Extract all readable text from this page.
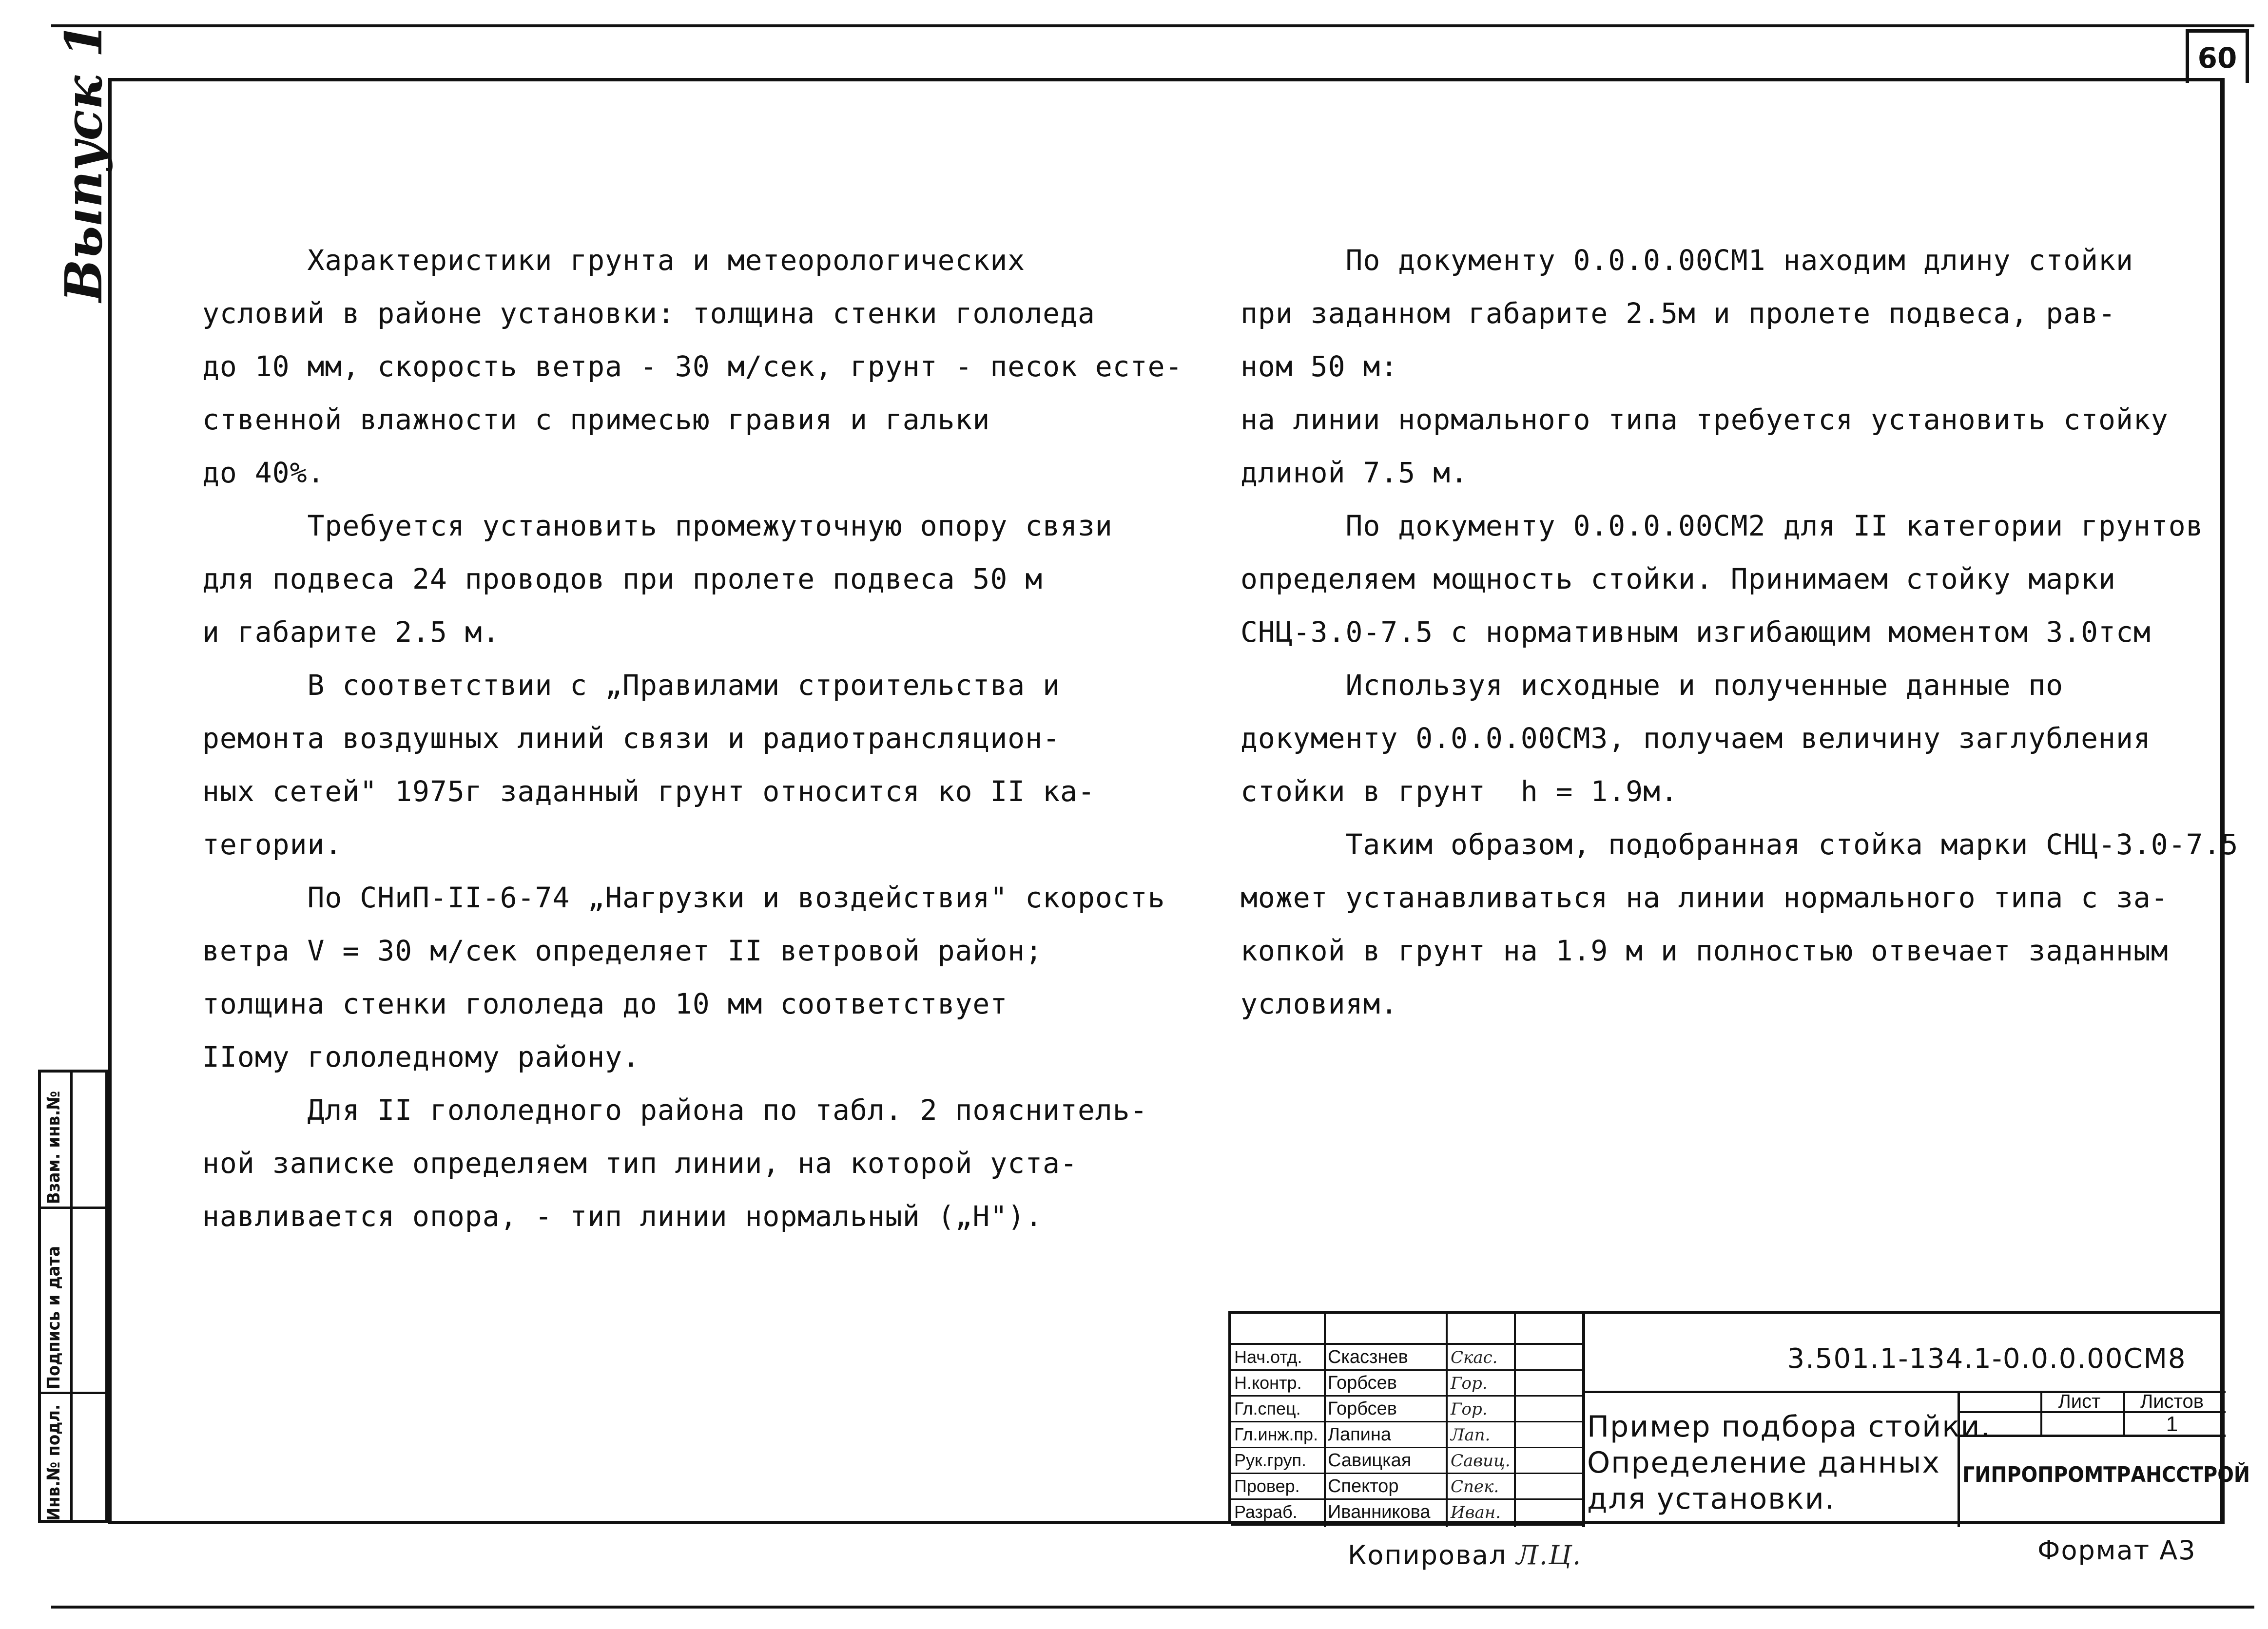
60
Выпуск 1	Характеристики грунта и метеорологических
условий в районе установки: толщина стенки гололеда
до 10 мм, скорость ветра - 30 м/сек, грунт - песок есте-
ственной влажности с примесью гравия и гальки
до 40%.
Требуется установить промежуточную опору связи
для подвеса 24 проводов при пролете подвеса 50 м
и габарите 2.5 м.
В соответствии с „Правилами строительства и
ремонта воздушных линий связи и радиотрансляцион-
ных сетей" 1975г заданный грунт относится ко II ка-
тегории.
По СНиП-II-6-74 „Нагрузки и воздействия" скорость
ветра V = 30 м/сек определяет II ветровой район;
толщина стенки гололеда до 10 мм соответствует
IIому гололедному району.
Для II гололедного района по табл. 2 пояснитель-
ной записке определяем тип линии, на которой уста-
навливается опора, - тип линии нормальный („Н").
По документу 0.0.0.00СМ1 находим длину стойки
при заданном габарите 2.5м и пролете подвеса, рав-
ном 50 м:
на линии нормального типа требуется установить стойку
длиной 7.5 м.
По документу 0.0.0.00СМ2 для II категории грунтов
определяем мощность стойки. Принимаем стойку марки
СНЦ-3.0-7.5 с нормативным изгибающим моментом 3.0тсм
Используя исходные и полученные данные по
документу 0.0.0.00СМ3, получаем величину заглубления
стойки в грунт  h = 1.9м.
Таким образом, подобранная стойка марки СНЦ-3.0-7.5
может устанавливаться на линии нормального типа с за-
копкой в грунт на 1.9 м и полностью отвечает заданным
условиям.
Инв.№ подл.
Подпись и дата
Взам. инв.№
Нач.отд.	Скасзнев	Скас.
Н.контр.	Горбсев	Гор.
Гл.спец.	Горбсев	Гор.
Гл.инж.пр. Лапина	Лап.
Рук.груп.	Савицкая	Савиц.
Провер.	Спектор	Спек.
Разраб.	Иванникова	Иван.
3.501.1-134.1-0.0.0.00СМ8
Пример подбора стойки.
Определение данных
для установки.
Лист	Листов
1
ГИПРОПРОМТРАНССТРОЙ
Копировал Л.Ц.	Формат А3
